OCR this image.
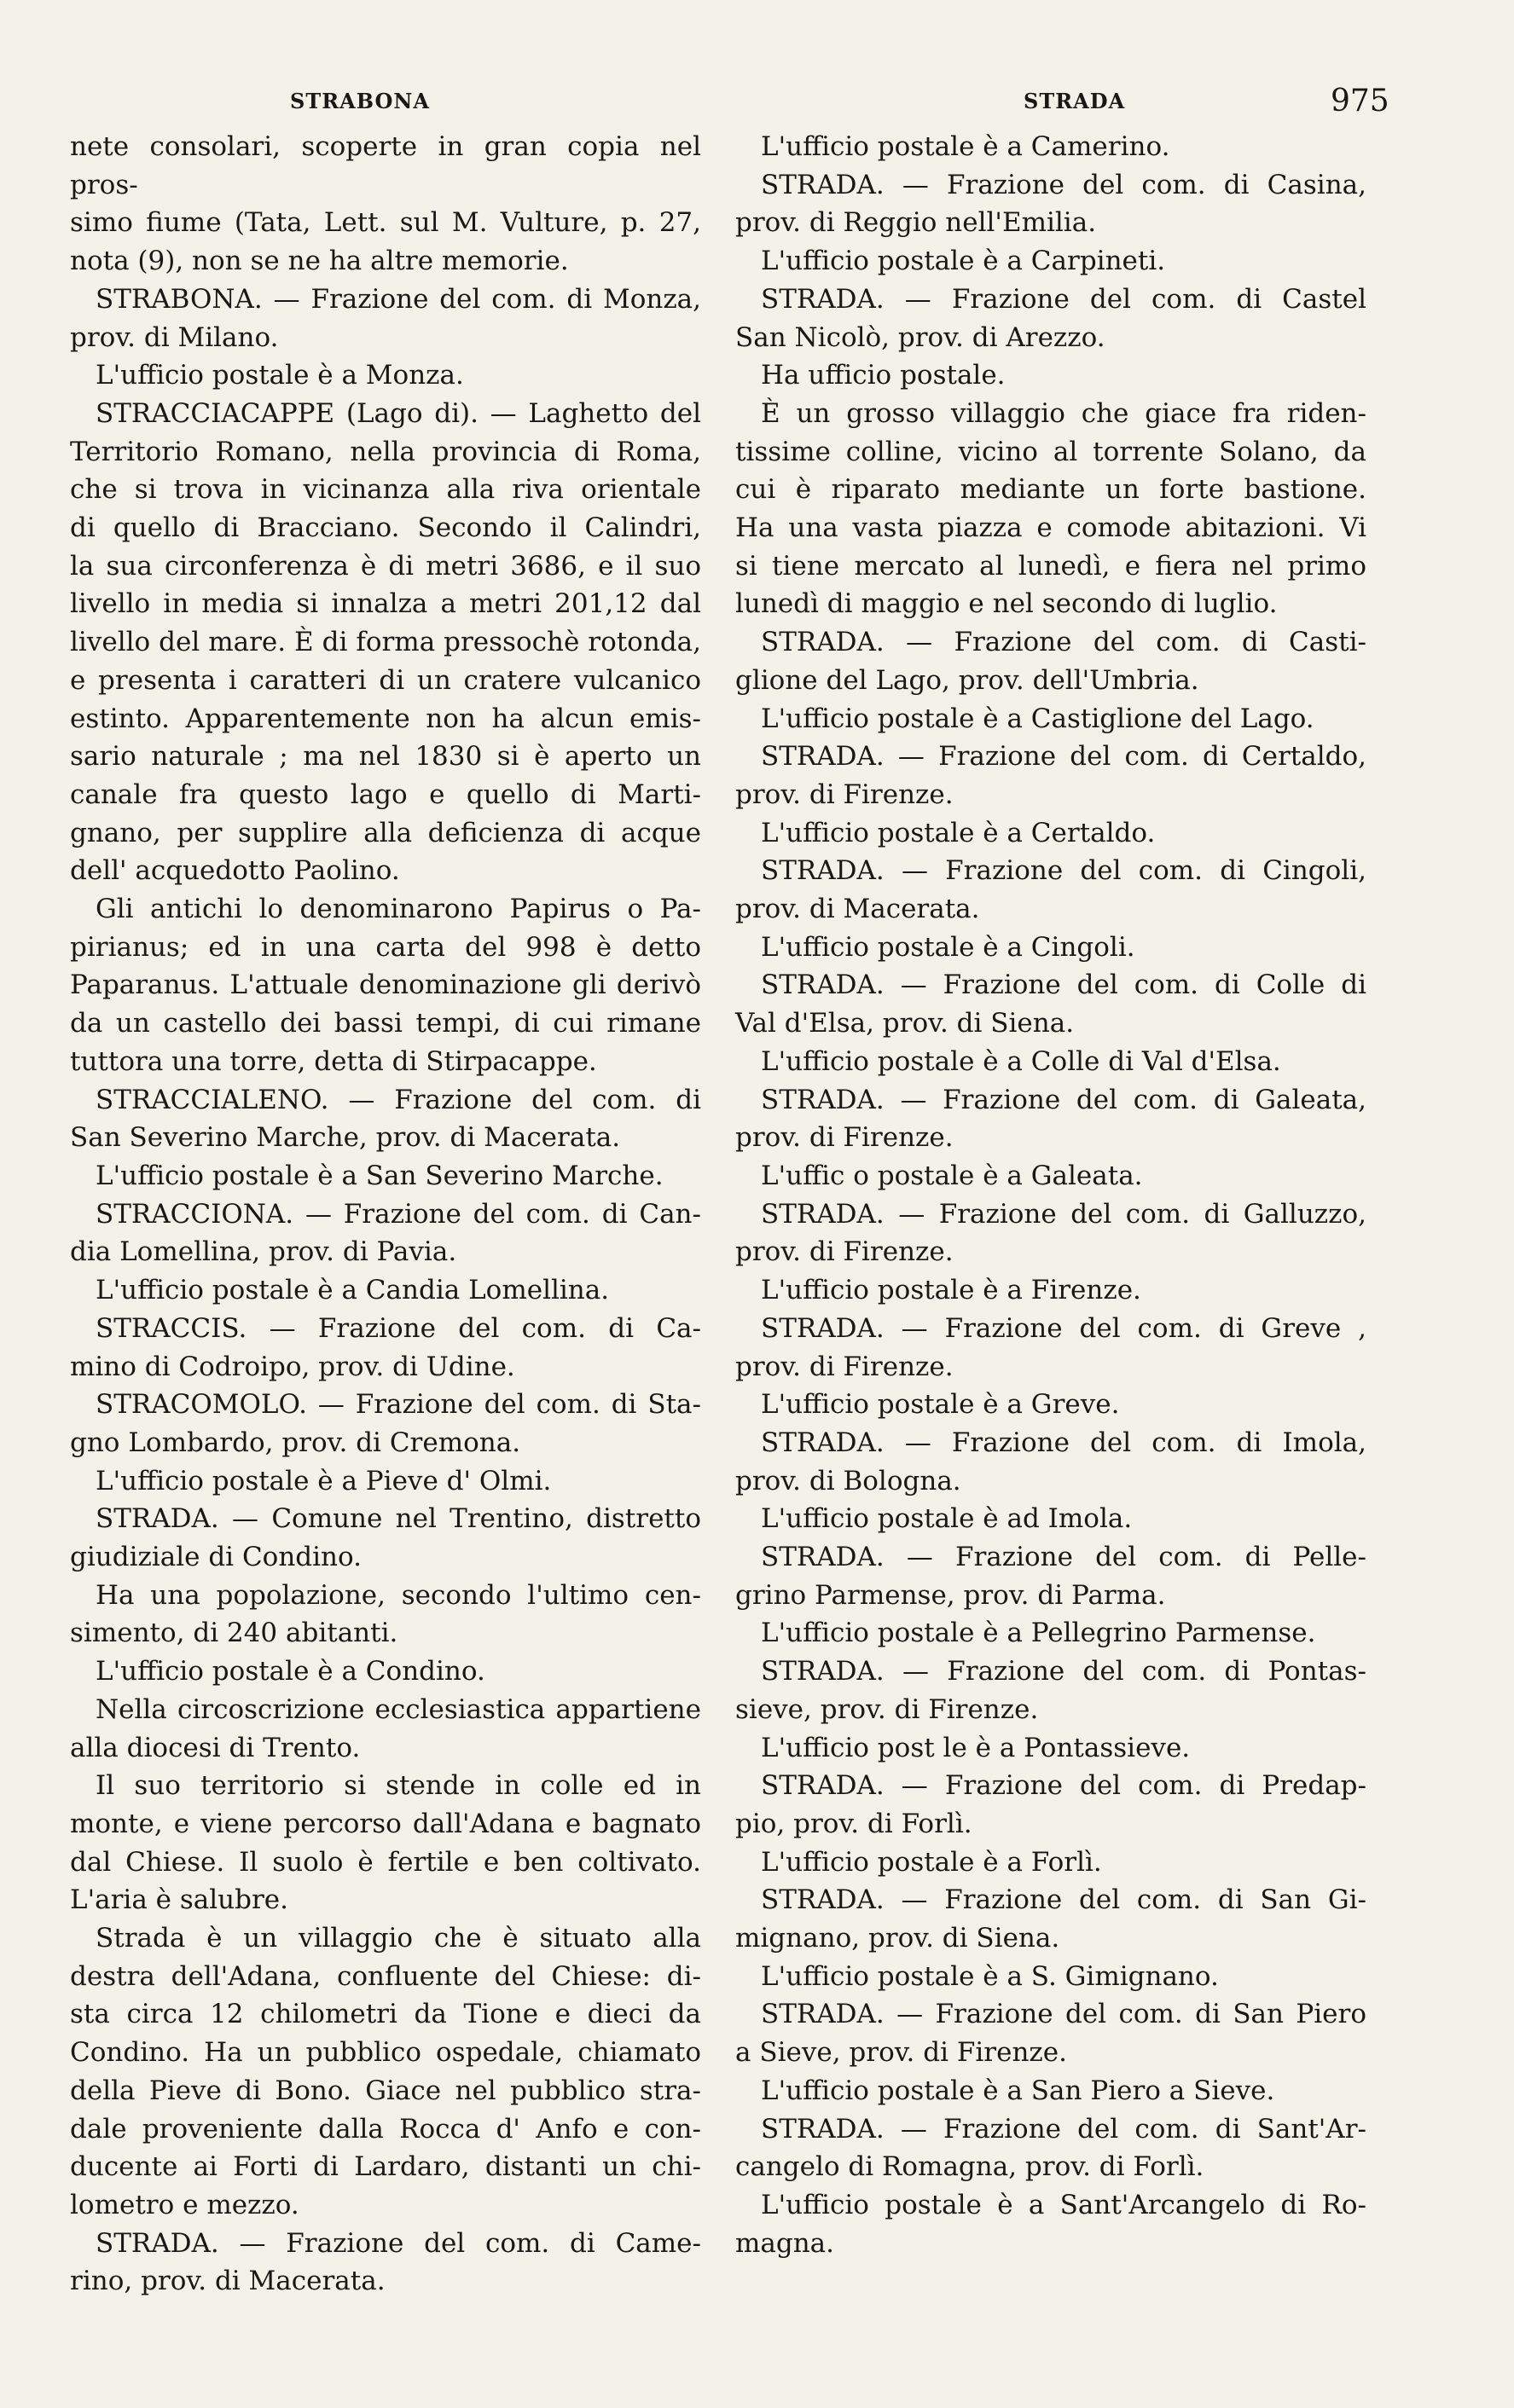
STRABONA	STRADA	975
nete consolari, scoperte in gran copia nel pros-
simo fiume (Tata, Lett. sul M. Vulture, p. 27,
nota (9), non se ne ha altre memorie.
STRABONA. — Frazione del com. di Monza,
prov. di Milano.
L'ufficio postale è a Monza.
STRACCIACAPPE (Lago di). — Laghetto del
Territorio Romano, nella provincia di Roma,
che si trova in vicinanza alla riva orientale
di quello di Bracciano. Secondo il Calindri,
la sua circonferenza è di metri 3686, e il suo
livello in media si innalza a metri 201,12 dal
livello del mare. È di forma pressochè rotonda,
e presenta i caratteri di un cratere vulcanico
estinto. Apparentemente non ha alcun emis-
sario naturale ; ma nel 1830 si è aperto un
canale fra questo lago e quello di Marti-
gnano, per supplire alla deficienza di acque
dell' acquedotto Paolino.
Gli antichi lo denominarono Papirus o Pa-
pirianus; ed in una carta del 998 è detto
Paparanus. L'attuale denominazione gli derivò
da un castello dei bassi tempi, di cui rimane
tuttora una torre, detta di Stirpacappe.
STRACCIALENO. — Frazione del com. di
San Severino Marche, prov. di Macerata.
L'ufficio postale è a San Severino Marche.
STRACCIONA. — Frazione del com. di Can-
dia Lomellina, prov. di Pavia.
L'ufficio postale è a Candia Lomellina.
STRACCIS. — Frazione del com. di Ca-
mino di Codroipo, prov. di Udine.
STRACOMOLO. — Frazione del com. di Sta-
gno Lombardo, prov. di Cremona.
L'ufficio postale è a Pieve d' Olmi.
STRADA. — Comune nel Trentino, distretto
giudiziale di Condino.
Ha una popolazione, secondo l'ultimo cen-
simento, di 240 abitanti.
L'ufficio postale è a Condino.
Nella circoscrizione ecclesiastica appartiene
alla diocesi di Trento.
Il suo territorio si stende in colle ed in
monte, e viene percorso dall'Adana e bagnato
dal Chiese. Il suolo è fertile e ben coltivato.
L'aria è salubre.
Strada è un villaggio che è situato alla
destra dell'Adana, confluente del Chiese: di-
sta circa 12 chilometri da Tione e dieci da
Condino. Ha un pubblico ospedale, chiamato
della Pieve di Bono. Giace nel pubblico stra-
dale proveniente dalla Rocca d' Anfo e con-
ducente ai Forti di Lardaro, distanti un chi-
lometro e mezzo.
STRADA. — Frazione del com. di Came-
rino, prov. di Macerata.
L'ufficio postale è a Camerino.
STRADA. — Frazione del com. di Casina,
prov. di Reggio nell'Emilia.
L'ufficio postale è a Carpineti.
STRADA. — Frazione del com. di Castel
San Nicolò, prov. di Arezzo.
Ha ufficio postale.
È un grosso villaggio che giace fra riden-
tissime colline, vicino al torrente Solano, da
cui è riparato mediante un forte bastione.
Ha una vasta piazza e comode abitazioni. Vi
si tiene mercato al lunedì, e fiera nel primo
lunedì di maggio e nel secondo di luglio.
STRADA. — Frazione del com. di Casti-
glione del Lago, prov. dell'Umbria.
L'ufficio postale è a Castiglione del Lago.
STRADA. — Frazione del com. di Certaldo,
prov. di Firenze.
L'ufficio postale è a Certaldo.
STRADA. — Frazione del com. di Cingoli,
prov. di Macerata.
L'ufficio postale è a Cingoli.
STRADA. — Frazione del com. di Colle di
Val d'Elsa, prov. di Siena.
L'ufficio postale è a Colle di Val d'Elsa.
STRADA. — Frazione del com. di Galeata,
prov. di Firenze.
L'uffic o postale è a Galeata.
STRADA. — Frazione del com. di Galluzzo,
prov. di Firenze.
L'ufficio postale è a Firenze.
STRADA. — Frazione del com. di Greve ,
prov. di Firenze.
L'ufficio postale è a Greve.
STRADA. — Frazione del com. di Imola,
prov. di Bologna.
L'ufficio postale è ad Imola.
STRADA. — Frazione del com. di Pelle-
grino Parmense, prov. di Parma.
L'ufficio postale è a Pellegrino Parmense.
STRADA. — Frazione del com. di Pontas-
sieve, prov. di Firenze.
L'ufficio post le è a Pontassieve.
STRADA. — Frazione del com. di Predap-
pio, prov. di Forlì.
L'ufficio postale è a Forlì.
STRADA. — Frazione del com. di San Gi-
mignano, prov. di Siena.
L'ufficio postale è a S. Gimignano.
STRADA. — Frazione del com. di San Piero
a Sieve, prov. di Firenze.
L'ufficio postale è a San Piero a Sieve.
STRADA. — Frazione del com. di Sant'Ar-
cangelo di Romagna, prov. di Forlì.
L'ufficio postale è a Sant'Arcangelo di Ro-
magna.
